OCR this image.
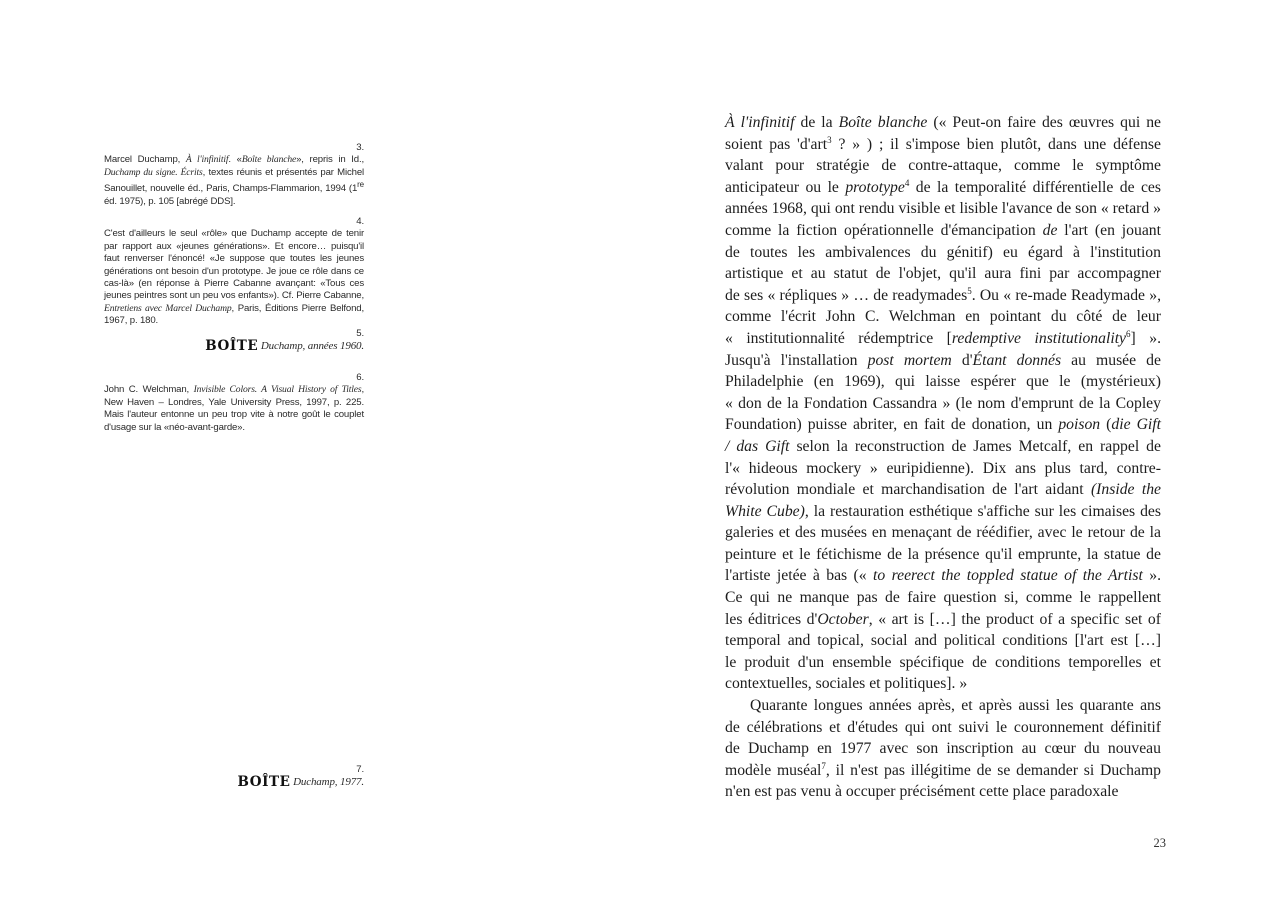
3.
Marcel Duchamp, À l'infinitif. «Boîte blanche», repris in Id., Duchamp du signe. Écrits, textes réunis et présentés par Michel Sanouillet, nouvelle éd., Paris, Champs-Flammarion, 1994 (1re éd. 1975), p. 105 [abrégé DDS].
4.
C'est d'ailleurs le seul «rôle» que Duchamp accepte de tenir par rapport aux «jeunes générations». Et encore… puisqu'il faut renverser l'énoncé! «Je suppose que toutes les jeunes générations ont besoin d'un prototype. Je joue ce rôle dans ce cas-là» (en réponse à Pierre Cabanne avançant: «Tous ces jeunes peintres sont un peu vos enfants»). Cf. Pierre Cabanne, Entretiens avec Marcel Duchamp, Paris, Éditions Pierre Belfond, 1967, p. 180.
5.
BOÎTE Duchamp, années 1960.
6.
John C. Welchman, Invisible Colors. A Visual History of Titles, New Haven – Londres, Yale University Press, 1997, p. 225. Mais l'auteur entonne un peu trop vite à notre goût le couplet d'usage sur la «néo-avant-garde».
7.
BOÎTE Duchamp, 1977.
À l'infinitif de la Boîte blanche (« Peut-on faire des œuvres qui ne
soient pas 'd'art$^3$ ? » ) ; il s'impose bien plutôt, dans une défense
valant pour stratégie de contre-attaque, comme le symptôme
anticipateur ou le prototype$^4$ de la temporalité différentielle de ces
années 1968, qui ont rendu visible et lisible l'avance de son « retard »
comme la fiction opérationnelle d'émancipation de l'art (en jouant
de toutes les ambivalences du génitif) eu égard à l'institution
artistique et au statut de l'objet, qu'il aura fini par accompagner
de ses « répliques » … de readymades$^5$. Ou « re-made Readymade »,
comme l'écrit John C. Welchman en pointant du côté de leur
« institutionnalité rédemptrice [redemptive institutionality$^6$] ».
Jusqu'à l'installation post mortem d'Étant donnés au musée de
Philadelphie (en 1969), qui laisse espérer que le (mystérieux)
« don de la Fondation Cassandra » (le nom d'emprunt de la Copley
Foundation) puisse abriter, en fait de donation, un poison (die Gift
/ das Gift selon la reconstruction de James Metcalf, en rappel de
l'« hideous mockery » euripidienne). Dix ans plus tard, contre-
révolution mondiale et marchandisation de l'art aidant (Inside the
White Cube), la restauration esthétique s'affiche sur les cimaises des
galeries et des musées en menaçant de réédifier, avec le retour de la
peinture et le fétichisme de la présence qu'il emprunte, la statue de
l'artiste jetée à bas (« to reerect the toppled statue of the Artist ».
Ce qui ne manque pas de faire question si, comme le rappellent
les éditrices d'October, « art is […] the product of a specific set of
temporal and topical, social and political conditions [l'art est […]
le produit d'un ensemble spécifique de conditions temporelles et
contextuelles, sociales et politiques]. »
Quarante longues années après, et après aussi les quarante ans
de célébrations et d'études qui ont suivi le couronnement définitif
de Duchamp en 1977 avec son inscription au cœur du nouveau
modèle muséal$^7$, il n'est pas illégitime de se demander si Duchamp
n'en est pas venu à occuper précisément cette place paradoxale
23
